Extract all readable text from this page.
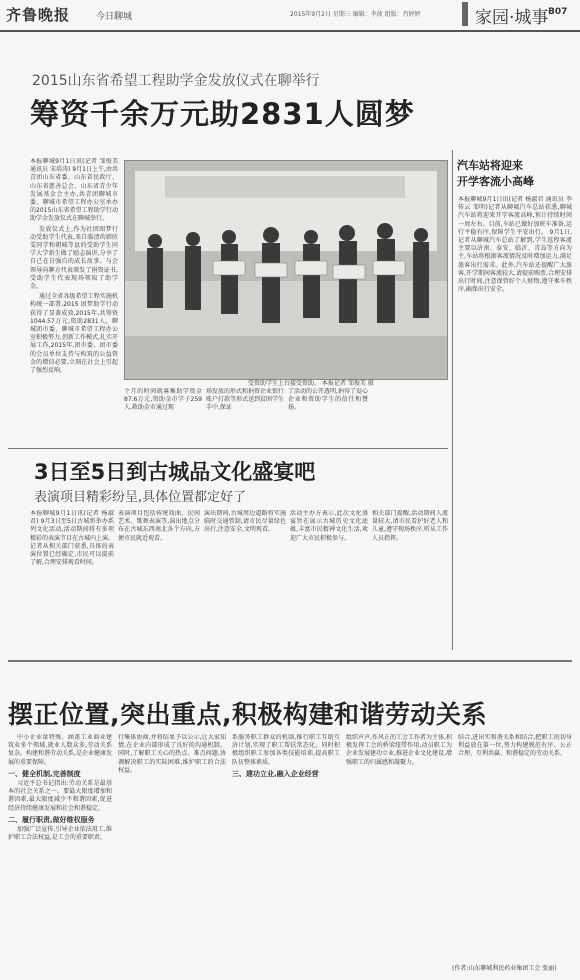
齐鲁晚报	今日聊城	2015年9月2日 星期三 编辑：李菠 组版：肖婷婷	家园·城事 B07
2015山东省希望工程助学金发放仪式在聊举行
筹资千余万元助2831人圆梦

本报聊城9月1日讯(记者 邹俊美 通讯员 宋培涛) 9月1日上午,由共青团山东省委、山东省民政厅、山东省慈善总会、山东省青少年发展基金会主办,共青团聊城市委、聊城市希望工程办公室承办的2015山东省希望工程助学行动助学金发放仪式在聊城举行。

发放仪式上,作为社团图梦行动受助学生代表,来自临清的韩欣雯同学和朝城等县的受助学生同学大学新生做了励志演讲,分享了自己在自强自的成长故事。与会领导向聊方代表颁发了捐资证书,受助学生代表现场领取了助学金。

通过全省各级希望工程实施机构统一部署,2015 团梦助学行动获得了显著成效,2015年,共筹资1044.57万元,资助2831人。聊城团市委、聊城市希望工程办公室积极努力,创新工作模式,扎实开展工作,2015年,团市委、团市委的会员单位支持与构筑的公益资金的增信必要,立刻在社会上引起了强烈反响,

受资助学生上台接受资助。 本报记者 邹俊美 摄

个月的时间就募集助学资金87.6万元,资助金市学子259人,救助金市通过现

场发放的形式和捐资企业银行账户打款等形式送到贫困学生手中,保证

了活动的公开透明,捐得了爱心企业和资助学生的信任和赞扬。

汽车站将迎来
开学客流小高峰

本报聊城9月1日讯(记者 杨淑君 通讯员 李传云 邹明)记者从聊城汽车总站获悉,聊城汽车站将迎来开学客流高峰,预计持续时间一周左右。目前,车站已做好加班车准备,运行平稳有序,保障学生平安出行。 9月1日,记者从聊城汽车总站了解到,学生返程客流主要以济南、泰安、临沂、青岛等方向为主,车站将根据客流情况及时增加运力,满足旅客出行需求。此外,汽车站还提醒广大旅客,开学期间客流较大,请提前购票,合理安排出行时间,注意保管好个人财物,遵守乘车秩序,确保出行安全。

3日至5日到古城品文化盛宴吧
表演项目精彩纷呈,具体位置都定好了

本报聊城9月1日讯(记者 杨淑君) 9月3日至5日古城将举办系列文化活动,活动期间将有多项精彩的表演节目在古城内上演。记者从相关部门获悉,具体的表演位置已经确定,市民可以提前了解,合理安排观看时间。

表演项目包括传统戏曲、民间艺术、歌舞表演等,演出地点分布在古城东西南北各个方向,方便市民就近观看。

演出期间,古城周边道路将实施临时交通管制,请市民尽量绿色出行,注意安全,文明观看。

活动主办方表示,此次文化盛宴旨在展示古城历史文化底蕴,丰富市民精神文化生活,欢迎广大市民积极参与。

相关部门提醒,活动期间人流量较大,请市民看护好老人和儿童,遵守现场秩序,听从工作人员指挥。

摆正位置,突出重点,积极构建和谐劳动关系

中小企业量特殊、涵盖工业商业建筑业多个领域,就业人数众多,劳动关系复杂。构建和谐劳动关系,是企业健康发展的重要保障。

一、健全机制,完善制度

习近平总书记指出:劳动关系是最基本的社会关系之一。要最大限度增加和谐因素,最大限度减少不和谐因素,促进经济持续健康发展和社会和谐稳定。

二、履行职责,做好维权服务

加强广泛宣传,引导企业依法用工,维护职工合法权益,是工会的重要职责。

行集体协商,并将结果予以公示,让大家知情,在企业内部形成了良好的沟通机制。同时,了解职工关心的热点、难点问题,协调解决职工的实际困难,维护职工的合法权益。

系服务职工群众的机制,推行职工互助互济计划,实现了职工帮扶常态化。同时积极组织职工参加各类技能培训,提高职工队伍整体素质。

三、建功立业,融入企业经营

组织声声,作风正的工会工作者为主体,积极发挥工会的桥梁纽带作用,动员职工为企业发展建功立业,推进企业文化建设,增强职工的归属感和凝聚力。

结合,进出实和谐关系相结合,把职工的切身利益放在第一位,努力构建规范有序、公正合理、互利共赢、和谐稳定的劳动关系。

(作者:山东聊城利民药业集团工会 张丽)
